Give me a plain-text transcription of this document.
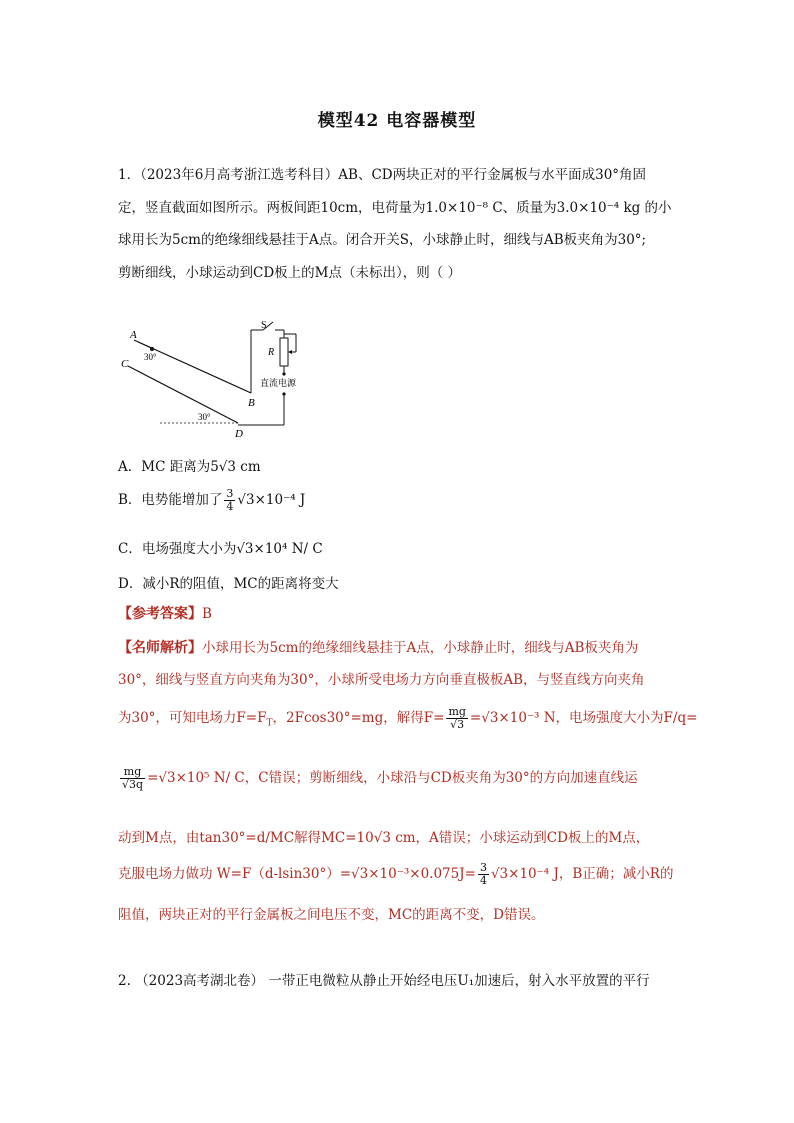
模型42 电容器模型
1．（2023年6月高考浙江选考科目）AB、CD两块正对的平行金属板与水平面成30°角固
定，竖直截面如图所示。两板间距10cm，电荷量为1.0×10⁻⁸ C、质量为3.0×10⁻⁴ kg 的小
球用长为5cm的绝缘细线悬挂于A点。闭合开关S，小球静止时，细线与AB板夹角为30°;
剪断细线，小球运动到CD板上的M点（未标出），则（ ）
A
C
B
D
S
R
30°
30°
直流电源
A．MC 距离为5√3 cm
B．电势能增加了 $\frac{3}{4} √3\times 10^{-4}$ J
C．电场强度大小为√3×10⁴ N/ C
D．减小R的阻值，MC的距离将变大
【参考答案】B
【名师解析】小球用长为5cm的绝缘细线悬挂于A点，小球静止时，细线与AB板夹角为
30°，细线与竖直方向夹角为30°，小球所受电场力方向垂直极板AB，与竖直线方向夹角
为30°，可知电场力$F=F_T$，2Fcos30°=mg，解得$F= \frac{mg}{√3} =√3\times 10^{-3}$ N，电场强度大小为F/q=
$\frac{mg}{√3q} =√3\times 10^5$ N/ C，C错误；剪断细线，小球沿与CD板夹角为30°的方向加速直线运
动到M点，由tan30°=d/MC解得MC=10√3 cm，A错误；小球运动到CD板上的M点，
克服电场力做功 $W=F(d-lsin30^\circ)=√3\times 10^{-3}\times 0.075J= \frac{3}{4} √3\times 10^{-4}$ J，B正确；减小R的
阻值，两块正对的平行金属板之间电压不变，MC的距离不变，D错误。
2. （2023高考湖北卷） 一带正电微粒从静止开始经电压U₁加速后，射入水平放置的平行
